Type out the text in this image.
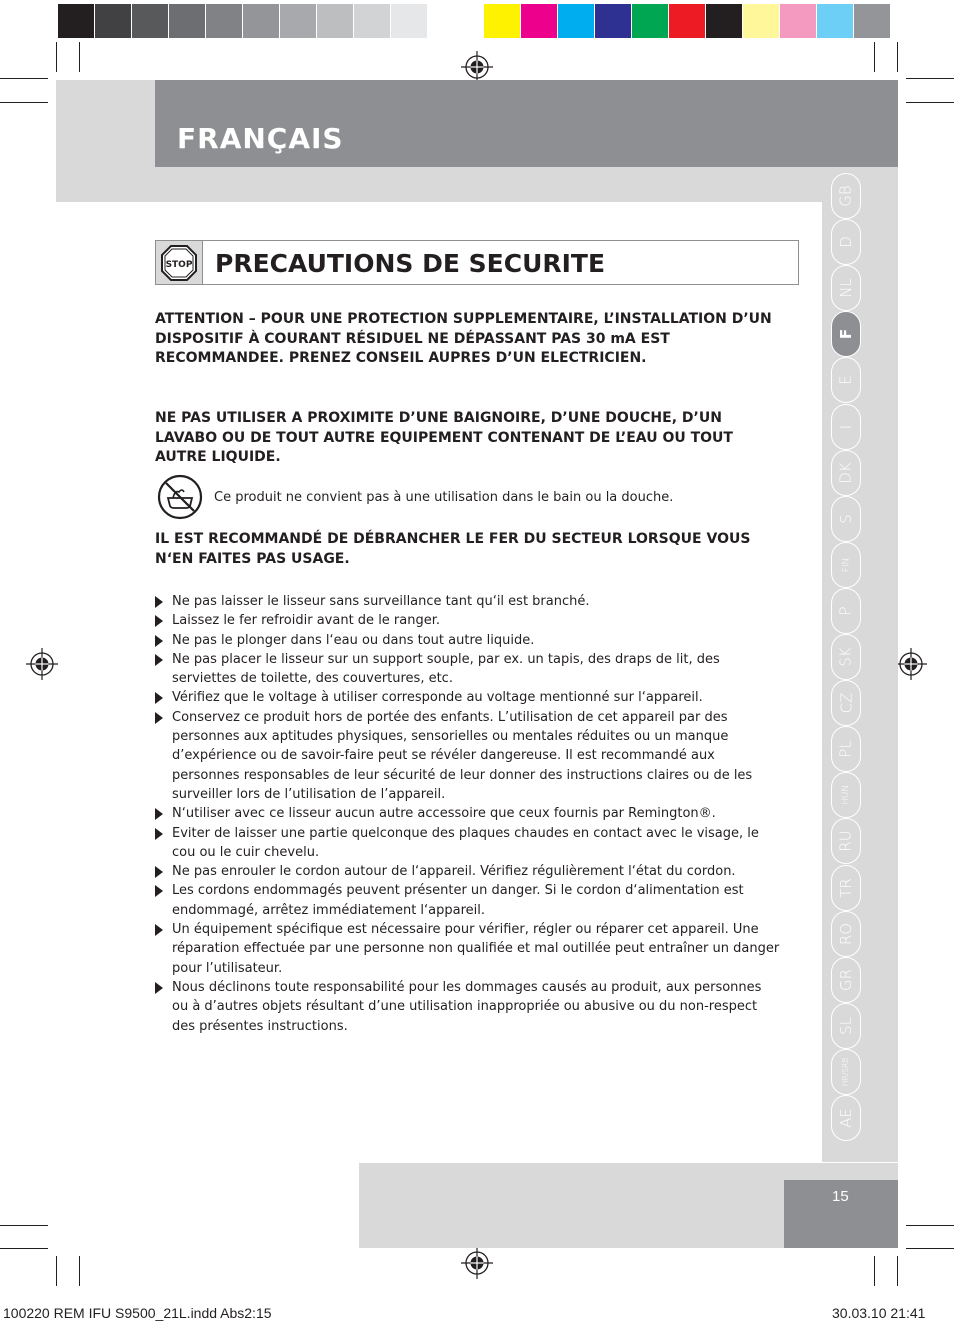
FRANÇAIS
15
GB
D
NL
F
E
I
DK
S
FIN
P
SK
CZ
PL
HUN
RU
TR
RO
GR
SL
HR/SRB
AE
STOP PRECAUTIONS DE SECURITE

ATTENTION – POUR UNE PROTECTION SUPPLEMENTAIRE, L’INSTALLATION D’UN DISPOSITIF À COURANT RÉSIDUEL NE DÉPASSANT PAS 30 mA EST RECOMMANDEE. PRENEZ CONSEIL AUPRES D’UN ELECTRICIEN.

NE PAS UTILISER A PROXIMITE D’UNE BAIGNOIRE, D’UNE DOUCHE, D’UN LAVABO OU DE TOUT AUTRE EQUIPEMENT CONTENANT DE L’EAU OU TOUT AUTRE LIQUIDE.

Ce produit ne convient pas à une utilisation dans le bain ou la douche.

IL EST RECOMMANDÉ DE DÉBRANCHER LE FER DU SECTEUR LORSQUE VOUS N‘EN FAITES PAS USAGE.

Ne pas laisser le lisseur sans surveillance tant qu‘il est branché.
Laissez le fer refroidir avant de le ranger.
Ne pas le plonger dans l‘eau ou dans tout autre liquide.
Ne pas placer le lisseur sur un support souple, par ex. un tapis, des draps de lit, des serviettes de toilette, des couvertures, etc.
Vérifiez que le voltage à utiliser corresponde au voltage mentionné sur l‘appareil.
Conservez ce produit hors de portée des enfants. L’utilisation de cet appareil par des personnes aux aptitudes physiques, sensorielles ou mentales réduites ou un manque d’expérience ou de savoir-faire peut se révéler dangereuse. Il est recommandé aux personnes responsables de leur sécurité de leur donner des instructions claires ou de les surveiller lors de l’utilisation de l’appareil.
N‘utiliser avec ce lisseur aucun autre accessoire que ceux fournis par Remington®.
Eviter de laisser une partie quelconque des plaques chaudes en contact avec le visage, le cou ou le cuir chevelu.
Ne pas enrouler le cordon autour de l‘appareil. Vérifiez régulièrement l‘état du cordon.
Les cordons endommagés peuvent présenter un danger. Si le cordon d‘alimentation est endommagé, arrêtez immédiatement l‘appareil.
Un équipement spécifique est nécessaire pour vérifier, régler ou réparer cet appareil. Une réparation effectuée par une personne non qualifiée et mal outillée peut entraîner un danger pour l’utilisateur.
Nous déclinons toute responsabilité pour les dommages causés au produit, aux personnes ou à d’autres objets résultant d’une utilisation inappropriée ou abusive ou du non-respect des présentes instructions.
100220 REM IFU S9500_21L.indd Abs2:15	30.03.10 21:41
